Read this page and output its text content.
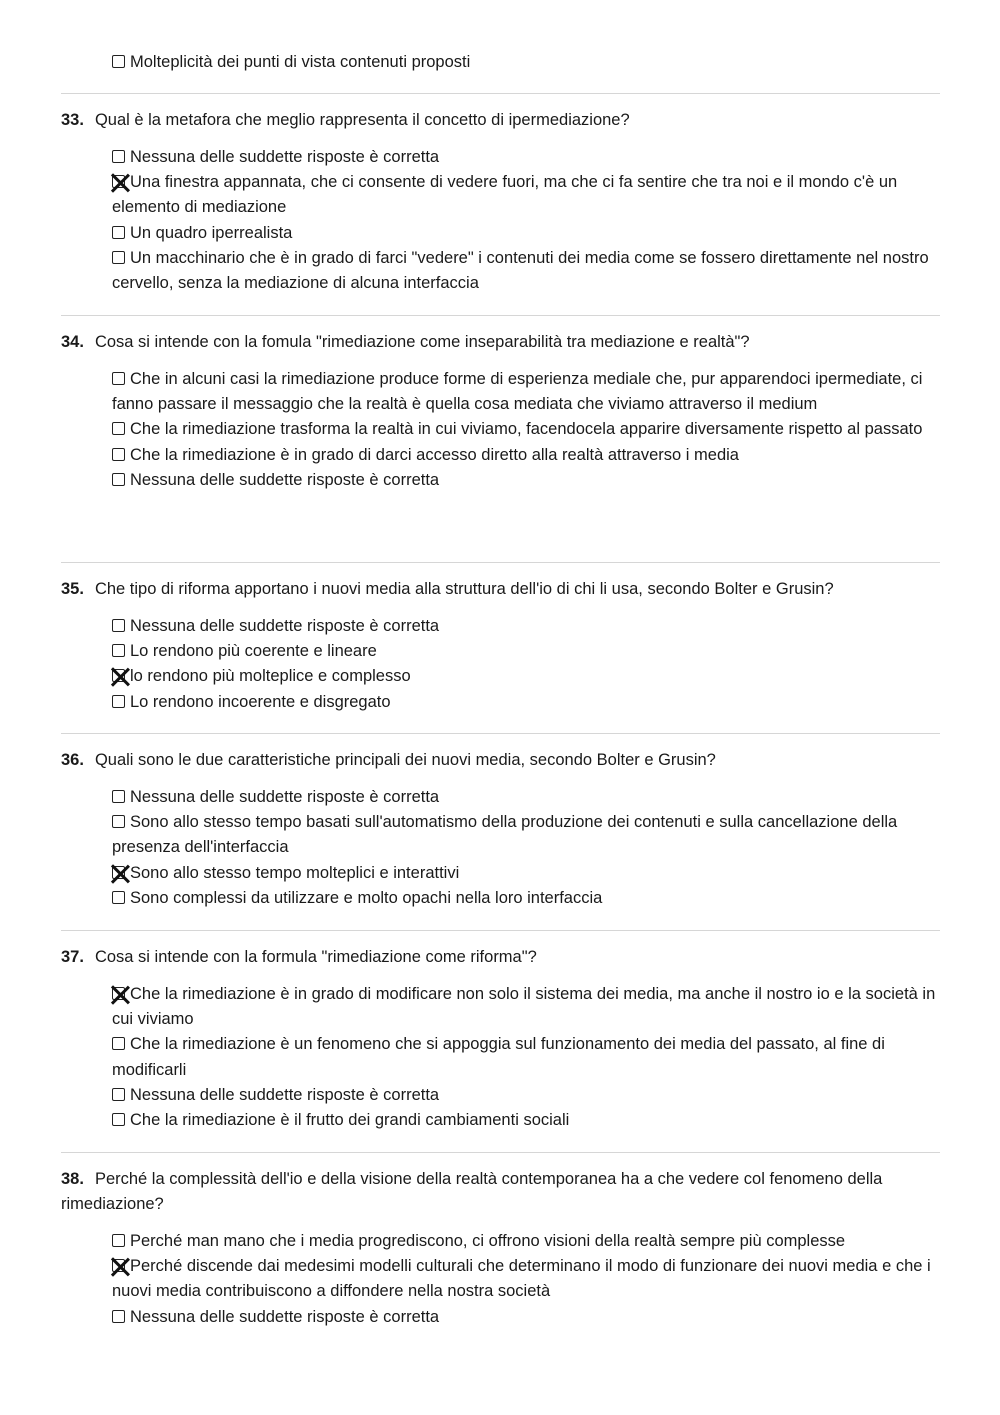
Molteplicità dei punti di vista contenuti proposti

33. Qual è la metafora che meglio rappresenta il concetto di ipermediazione?

Nessuna delle suddette risposte è corretta
Una finestra appannata, che ci consente di vedere fuori, ma che ci fa sentire che tra noi e il mondo c'è un elemento di mediazione
Un quadro iperrealista
Un macchinario che è in grado di farci "vedere" i contenuti dei media come se fossero direttamente nel nostro cervello, senza la mediazione di alcuna interfaccia

34. Cosa si intende con la fomula "rimediazione come inseparabilità tra mediazione e realtà"?

Che in alcuni casi la rimediazione produce forme di esperienza mediale che, pur apparendoci ipermediate, ci fanno passare il messaggio che la realtà è quella cosa mediata che viviamo attraverso il medium
Che la rimediazione trasforma la realtà in cui viviamo, facendocela apparire diversamente rispetto al passato
Che la rimediazione è in grado di darci accesso diretto alla realtà attraverso i media
Nessuna delle suddette risposte è corretta

35. Che tipo di riforma apportano i nuovi media alla struttura dell'io di chi li usa, secondo Bolter e Grusin?

Nessuna delle suddette risposte è corretta
Lo rendono più coerente e lineare
lo rendono più molteplice e complesso
Lo rendono incoerente e disgregato

36. Quali sono le due caratteristiche principali dei nuovi media, secondo Bolter e Grusin?

Nessuna delle suddette risposte è corretta
Sono allo stesso tempo basati sull'automatismo della produzione dei contenuti e sulla cancellazione della presenza dell'interfaccia
Sono allo stesso tempo molteplici e interattivi
Sono complessi da utilizzare e molto opachi nella loro interfaccia

37. Cosa si intende con la formula "rimediazione come riforma"?

Che la rimediazione è in grado di modificare non solo il sistema dei media, ma anche il nostro io e la società in cui viviamo
Che la rimediazione è un fenomeno che si appoggia sul funzionamento dei media del passato, al fine di modificarli
Nessuna delle suddette risposte è corretta
Che la rimediazione è il frutto dei grandi cambiamenti sociali

38. Perché la complessità dell'io e della visione della realtà contemporanea ha a che vedere col fenomeno della rimediazione?

Perché man mano che i media progrediscono, ci offrono visioni della realtà sempre più complesse
Perché discende dai medesimi modelli culturali che determinano il modo di funzionare dei nuovi media e che i nuovi media contribuiscono a diffondere nella nostra società
Nessuna delle suddette risposte è corretta
